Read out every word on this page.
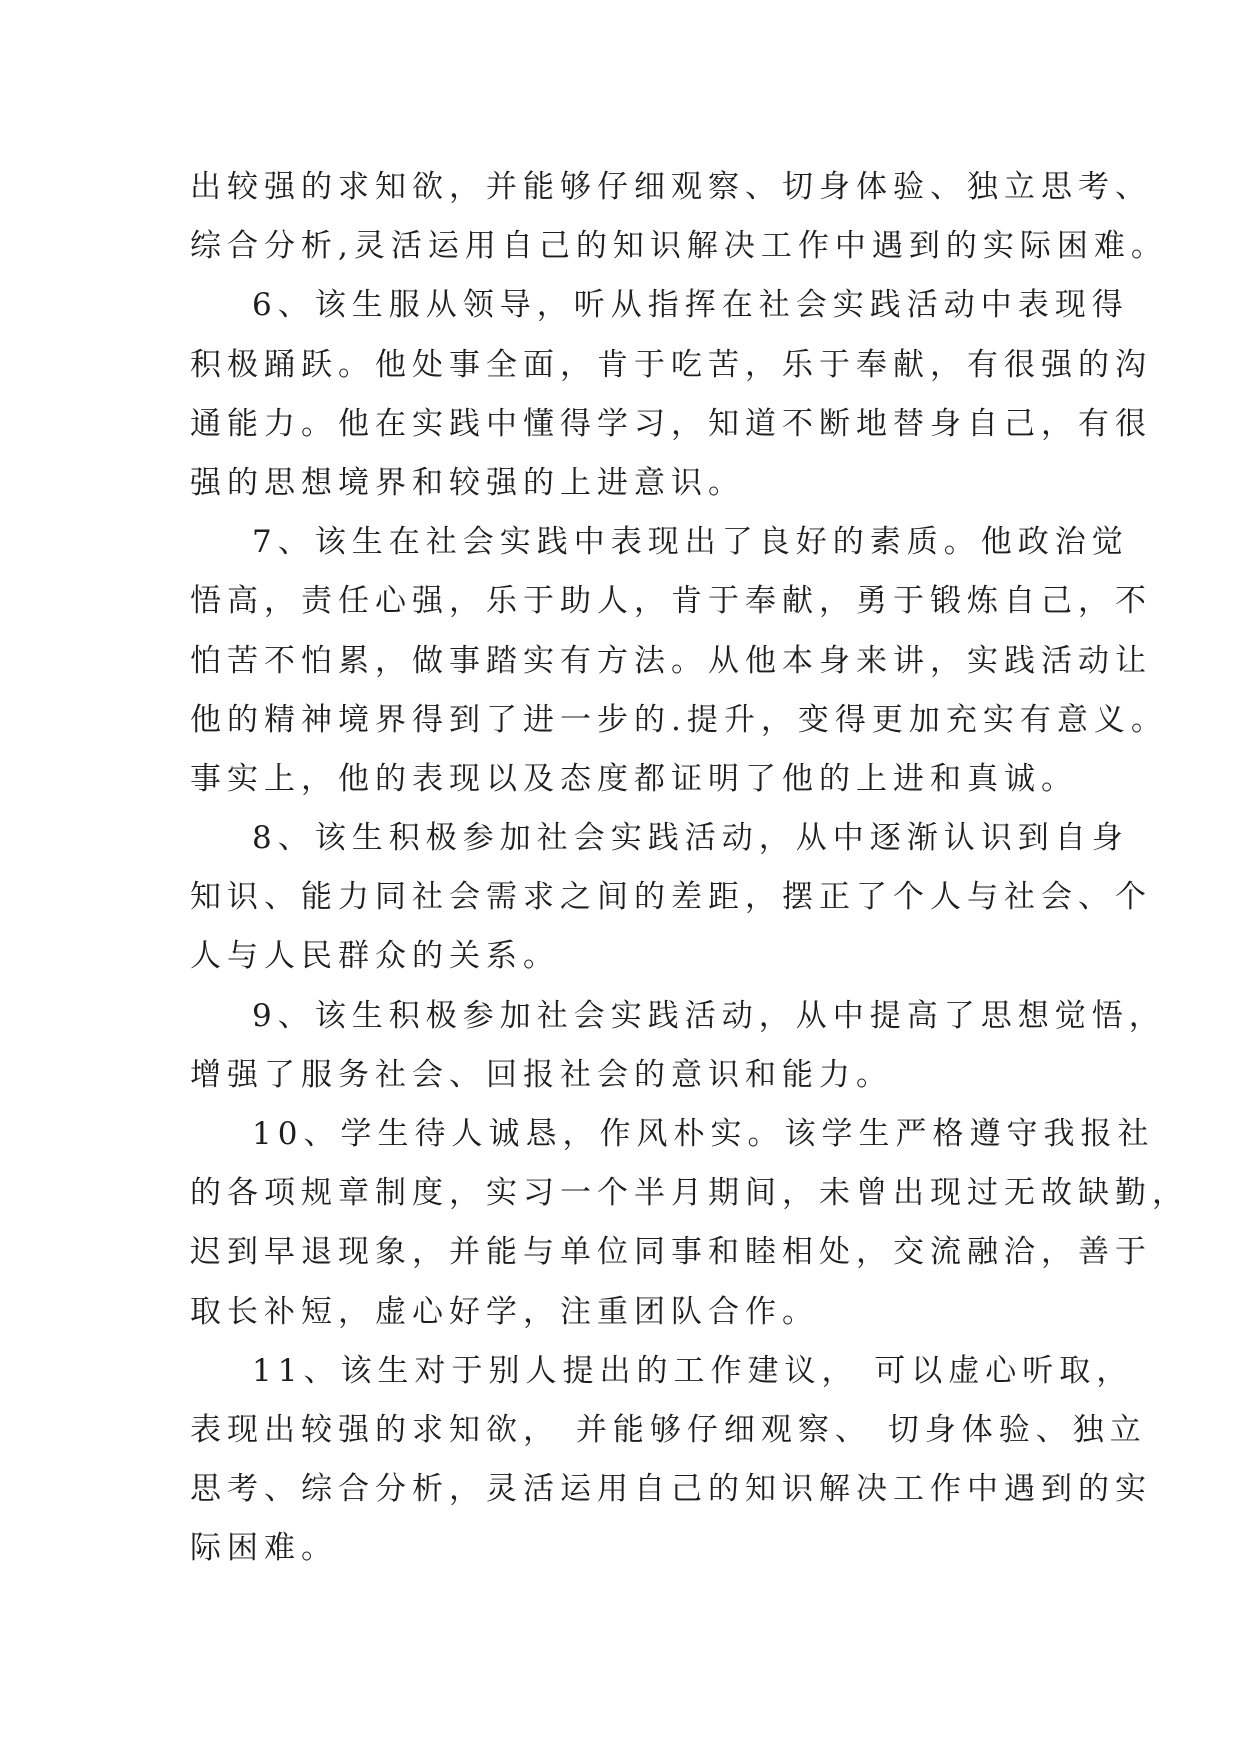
出较强的求知欲，并能够仔细观察、切身体验、独立思考、
综合分析,灵活运用自己的知识解决工作中遇到的实际困难。
6、该生服从领导，听从指挥在社会实践活动中表现得
积极踊跃。他处事全面，肯于吃苦，乐于奉献，有很强的沟
通能力。他在实践中懂得学习，知道不断地替身自己，有很
强的思想境界和较强的上进意识。
7、该生在社会实践中表现出了良好的素质。他政治觉
悟高，责任心强，乐于助人，肯于奉献，勇于锻炼自己，不
怕苦不怕累，做事踏实有方法。从他本身来讲，实践活动让
他的精神境界得到了进一步的.提升，变得更加充实有意义。
事实上，他的表现以及态度都证明了他的上进和真诚。
8、该生积极参加社会实践活动，从中逐渐认识到自身
知识、能力同社会需求之间的差距，摆正了个人与社会、个
人与人民群众的关系。
9、该生积极参加社会实践活动，从中提高了思想觉悟，
增强了服务社会、回报社会的意识和能力。
10、学生待人诚恳，作风朴实。该学生严格遵守我报社
的各项规章制度，实习一个半月期间，未曾出现过无故缺勤，
迟到早退现象，并能与单位同事和睦相处，交流融洽，善于
取长补短，虚心好学，注重团队合作。
11、该生对于别人提出的工作建议， 可以虚心听取，
表现出较强的求知欲， 并能够仔细观察、 切身体验、独立
思考、综合分析，灵活运用自己的知识解决工作中遇到的实
际困难。
